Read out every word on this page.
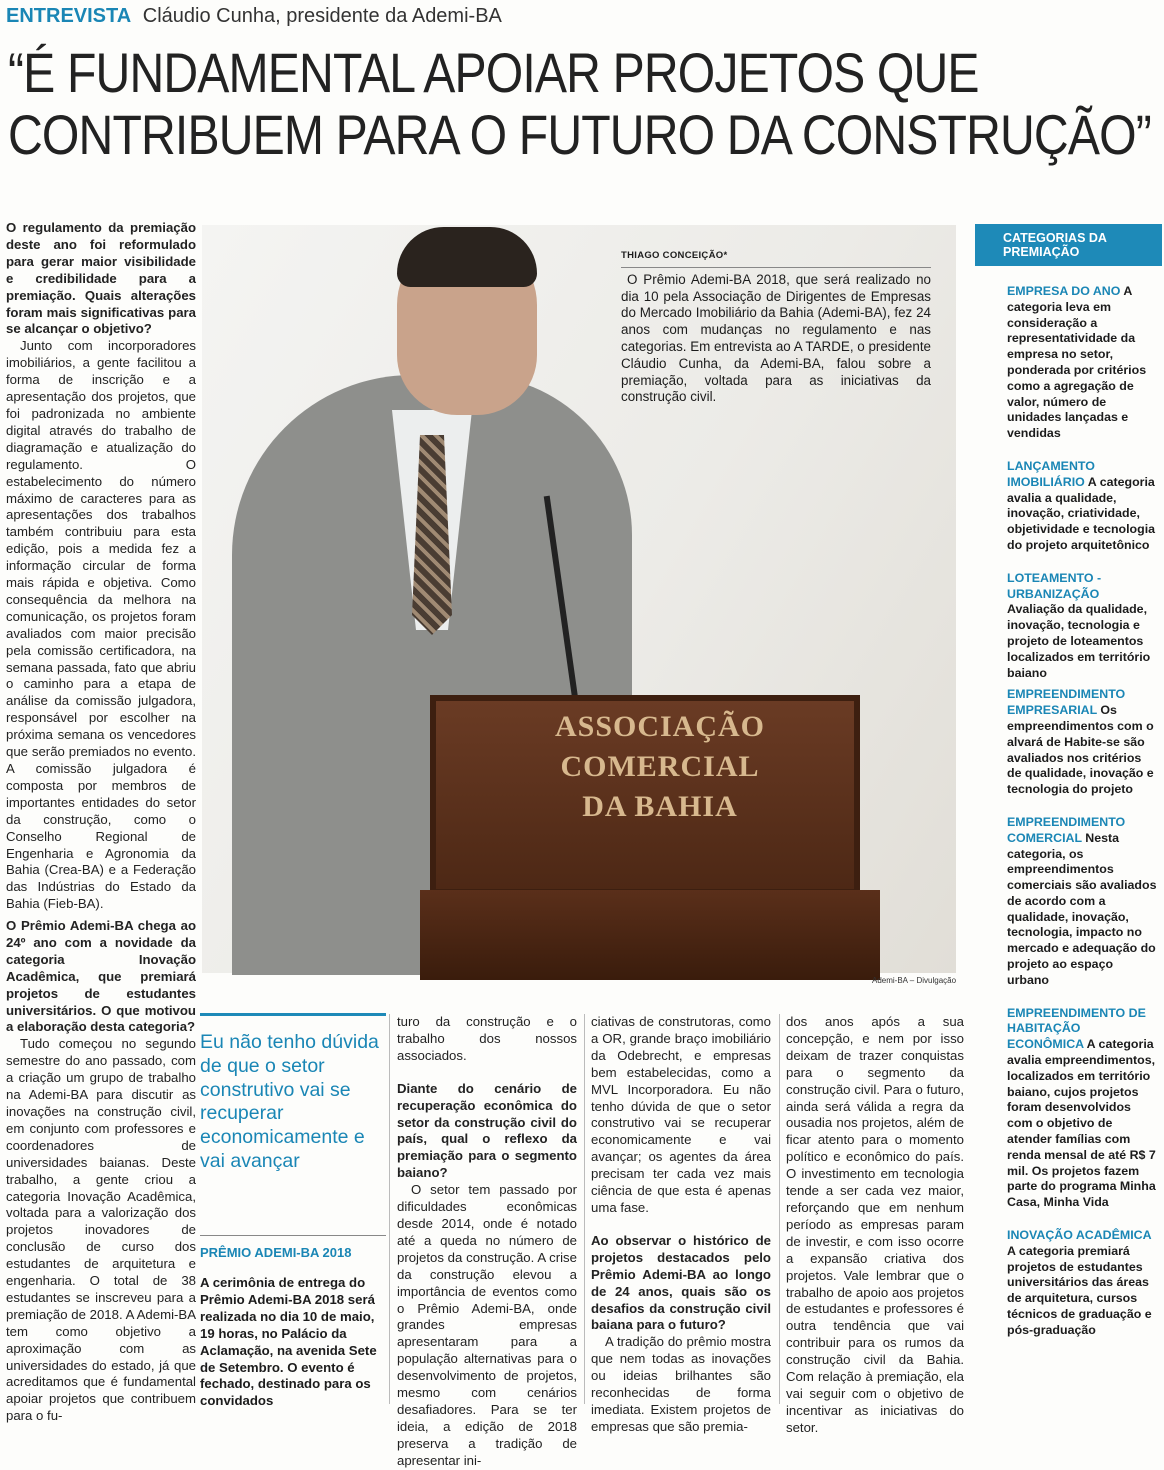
ENTREVISTA Cláudio Cunha, presidente da Ademi-BA
“É FUNDAMENTAL APOIAR PROJETOS QUE
CONTRIBUEM PARA O FUTURO DA CONSTRUÇÃO”
O regulamento da premiação deste ano foi reformulado para gerar maior visibilidade e credibilidade para a premiação. Quais alterações foram mais significativas para se alcançar o objetivo?

Junto com incorporadores imobiliários, a gente facilitou a forma de inscrição e a apresentação dos projetos, que foi padronizada no ambiente digital através do trabalho de diagramação e atualização do regulamento. O estabelecimento do número máximo de caracteres para as apresentações dos trabalhos também contribuiu para esta edição, pois a medida fez a informação circular de forma mais rápida e objetiva. Como consequência da melhora na comunicação, os projetos foram avaliados com maior precisão pela comissão certificadora, na semana passada, fato que abriu o caminho para a etapa de análise da comissão julgadora, responsável por escolher na próxima semana os vencedores que serão premiados no evento. A comissão julgadora é composta por membros de importantes entidades do setor da construção, como o Conselho Regional de Engenharia e Agronomia da Bahia (Crea-BA) e a Federação das Indústrias do Estado da Bahia (Fieb-BA).

O Prêmio Ademi-BA chega ao 24º ano com a novidade da categoria Inovação Acadêmica, que premiará projetos de estudantes universitários. O que motivou a elaboração desta categoria?

Tudo começou no segundo semestre do ano passado, com a criação um grupo de trabalho na Ademi-BA para discutir as inovações na construção civil, em conjunto com professores e coordenadores de universidades baianas. Deste trabalho, a gente criou a categoria Inovação Acadêmica, voltada para a valorização dos projetos inovadores de conclusão de curso dos estudantes de arquitetura e engenharia. O total de 38 estudantes se inscreveu para a premiação de 2018. A Ademi-BA tem como objetivo a aproximação com as universidades do estado, já que acreditamos que é fundamental apoiar projetos que contribuem para o fu-

ASSOCIAÇÃO COMERCIAL
DA BAHIA
THIAGO CONCEIÇÃO*

O Prêmio Ademi-BA 2018, que será realizado no dia 10 pela Associação de Dirigentes de Empresas do Mercado Imobiliário da Bahia (Ademi-BA), fez 24 anos com mudanças no regulamento e nas categorias. Em entrevista ao A TARDE, o presidente Cláudio Cunha, da Ademi-BA, falou sobre a premiação, voltada para as iniciativas da construção civil.

Ademi-BA – Divulgação
CATEGORIAS DA PREMIAÇÃO
EMPRESA DO ANO A categoria leva em consideração a representatividade da empresa no setor, ponderada por critérios como a agregação de valor, número de unidades lançadas e vendidas
LANÇAMENTO IMOBILIÁRIO A categoria avalia a qualidade, inovação, criatividade, objetividade e tecnologia do projeto arquitetônico
LOTEAMENTO - URBANIZAÇÃO Avaliação da qualidade, inovação, tecnologia e projeto de loteamentos localizados em território baiano
EMPREENDIMENTO EMPRESARIAL Os empreendimentos com o alvará de Habite-se são avaliados nos critérios de qualidade, inovação e tecnologia do projeto
EMPREENDIMENTO COMERCIAL Nesta categoria, os empreendimentos comerciais são avaliados de acordo com a qualidade, inovação, tecnologia, impacto no mercado e adequação do projeto ao espaço urbano
EMPREENDIMENTO DE HABITAÇÃO ECONÔMICA A categoria avalia empreendimentos, localizados em território baiano, cujos projetos foram desenvolvidos com o objetivo de atender famílias com renda mensal de até R$ 7 mil. Os projetos fazem parte do programa Minha Casa, Minha Vida
INOVAÇÃO ACADÊMICA A categoria premiará projetos de estudantes universitários das áreas de arquitetura, cursos técnicos de graduação e pós-graduação
Eu não tenho dúvida de que o setor construtivo vai se recuperar economicamente e vai avançar
PRÊMIO ADEMI-BA 2018
A cerimônia de entrega do Prêmio Ademi-BA 2018 será realizada no dia 10 de maio, 19 horas, no Palácio da Aclamação, na avenida Sete de Setembro. O evento é fechado, destinado para os convidados
turo da construção e o trabalho dos nossos associados.
Diante do cenário de recuperação econômica do setor da construção civil do país, qual o reflexo da premiação para o segmento baiano?

O setor tem passado por dificuldades econômicas desde 2014, onde é notado até a queda no número de projetos da construção. A crise da construção elevou a importância de eventos como o Prêmio Ademi-BA, onde grandes empresas apresentaram para a população alternativas para o desenvolvimento de projetos, mesmo com cenários desafiadores. Para se ter ideia, a edição de 2018 preserva a tradição de apresentar ini-

ciativas de construtoras, como a OR, grande braço imobiliário da Odebrecht, e empresas bem estabelecidas, como a MVL Incorporadora. Eu não tenho dúvida de que o setor construtivo vai se recuperar economicamente e vai avançar; os agentes da área precisam ter cada vez mais ciência de que esta é apenas uma fase.
Ao observar o histórico de projetos destacados pelo Prêmio Ademi-BA ao longo de 24 anos, quais são os desafios da construção civil baiana para o futuro?

A tradição do prêmio mostra que nem todas as inovações ou ideias brilhantes são reconhecidas de forma imediata. Existem projetos de empresas que são premia-

dos anos após a sua concepção, e nem por isso deixam de trazer conquistas para o segmento da construção civil. Para o futuro, ainda será válida a regra da ousadia nos projetos, além de ficar atento para o momento político e econômico do país. O investimento em tecnologia tende a ser cada vez maior, reforçando que em nenhum período as empresas param de investir, e com isso ocorre a expansão criativa dos projetos. Vale lembrar que o trabalho de apoio aos projetos de estudantes e professores é outra tendência que vai contribuir para os rumos da construção civil da Bahia. Com relação à premiação, ela vai seguir com o objetivo de incentivar as iniciativas do setor.
